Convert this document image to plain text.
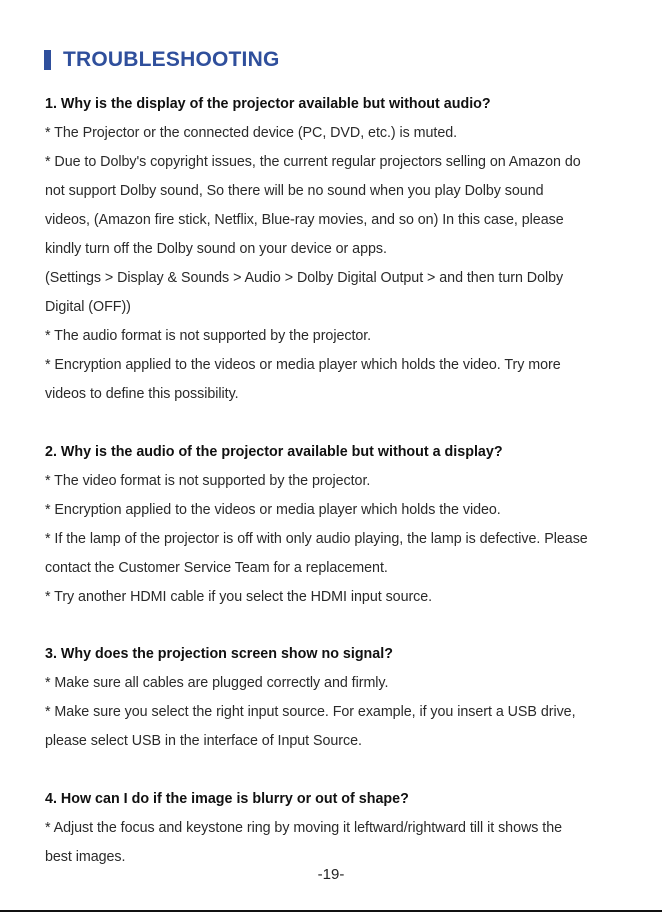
TROUBLESHOOTING
1. Why is the display of the projector available but without audio?
* The Projector or the connected device (PC, DVD, etc.) is muted.
* Due to Dolby's copyright issues, the current regular projectors selling on Amazon do
not support Dolby sound, So there will be no sound when you play Dolby sound
videos, (Amazon fire stick, Netflix, Blue-ray movies, and so on) In this case, please
kindly turn off the Dolby sound on your device or apps.
(Settings > Display & Sounds > Audio > Dolby Digital Output > and then turn Dolby
Digital (OFF))
* The audio format is not supported by the projector.
* Encryption applied to the videos or media player which holds the video. Try more
videos to define this possibility.
2. Why is the audio of the projector available but without a display?
* The video format is not supported by the projector.
* Encryption applied to the videos or media player which holds the video.
* If the lamp of the projector is off with only audio playing, the lamp is defective. Please
contact the Customer Service Team for a replacement.
* Try another HDMI cable if you select the HDMI input source.
3. Why does the projection screen show no signal?
* Make sure all cables are plugged correctly and firmly.
* Make sure you select the right input source. For example, if you insert a USB drive,
please select USB in the interface of Input Source.
4. How can I do if the image is blurry or out of shape?
* Adjust the focus and keystone ring by moving it leftward/rightward till it shows the
best images.
-19-
